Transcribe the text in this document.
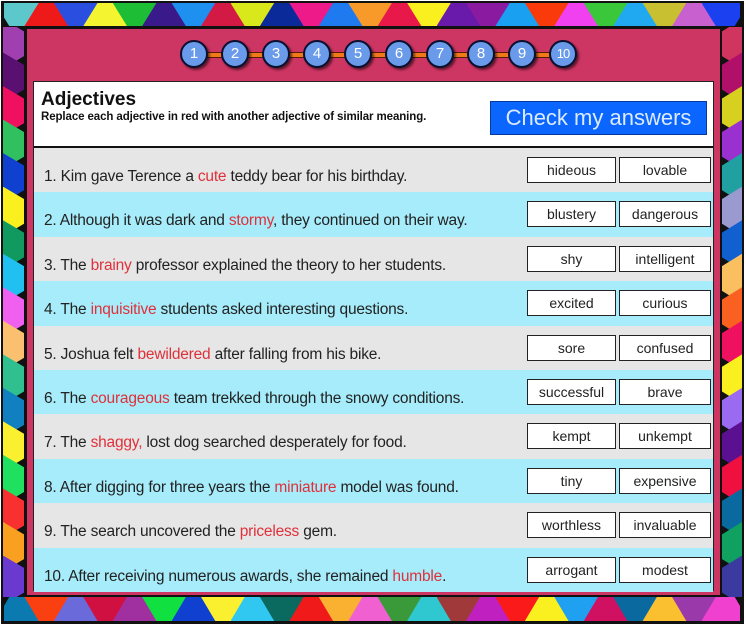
1	2	3	4	5	6	7	8	9	10
Adjectives
Replace each adjective in red with another adjective of similar meaning.	Check my answers
1. Kim gave Terence a cute teddy bear for his birthday.	hideous	lovable
2. Although it was dark and stormy, they continued on their way.	blustery	dangerous
3. The brainy professor explained the theory to her students.	shy	intelligent
4. The inquisitive students asked interesting questions.	excited	curious
5. Joshua felt bewildered after falling from his bike.	sore	confused
6. The courageous team trekked through the snowy conditions.	successful	brave
7. The shaggy, lost dog searched desperately for food.	kempt	unkempt
8. After digging for three years the miniature model was found.	tiny	expensive
9. The search uncovered the priceless gem.	worthless	invaluable
10. After receiving numerous awards, she remained humble.	arrogant	modest
